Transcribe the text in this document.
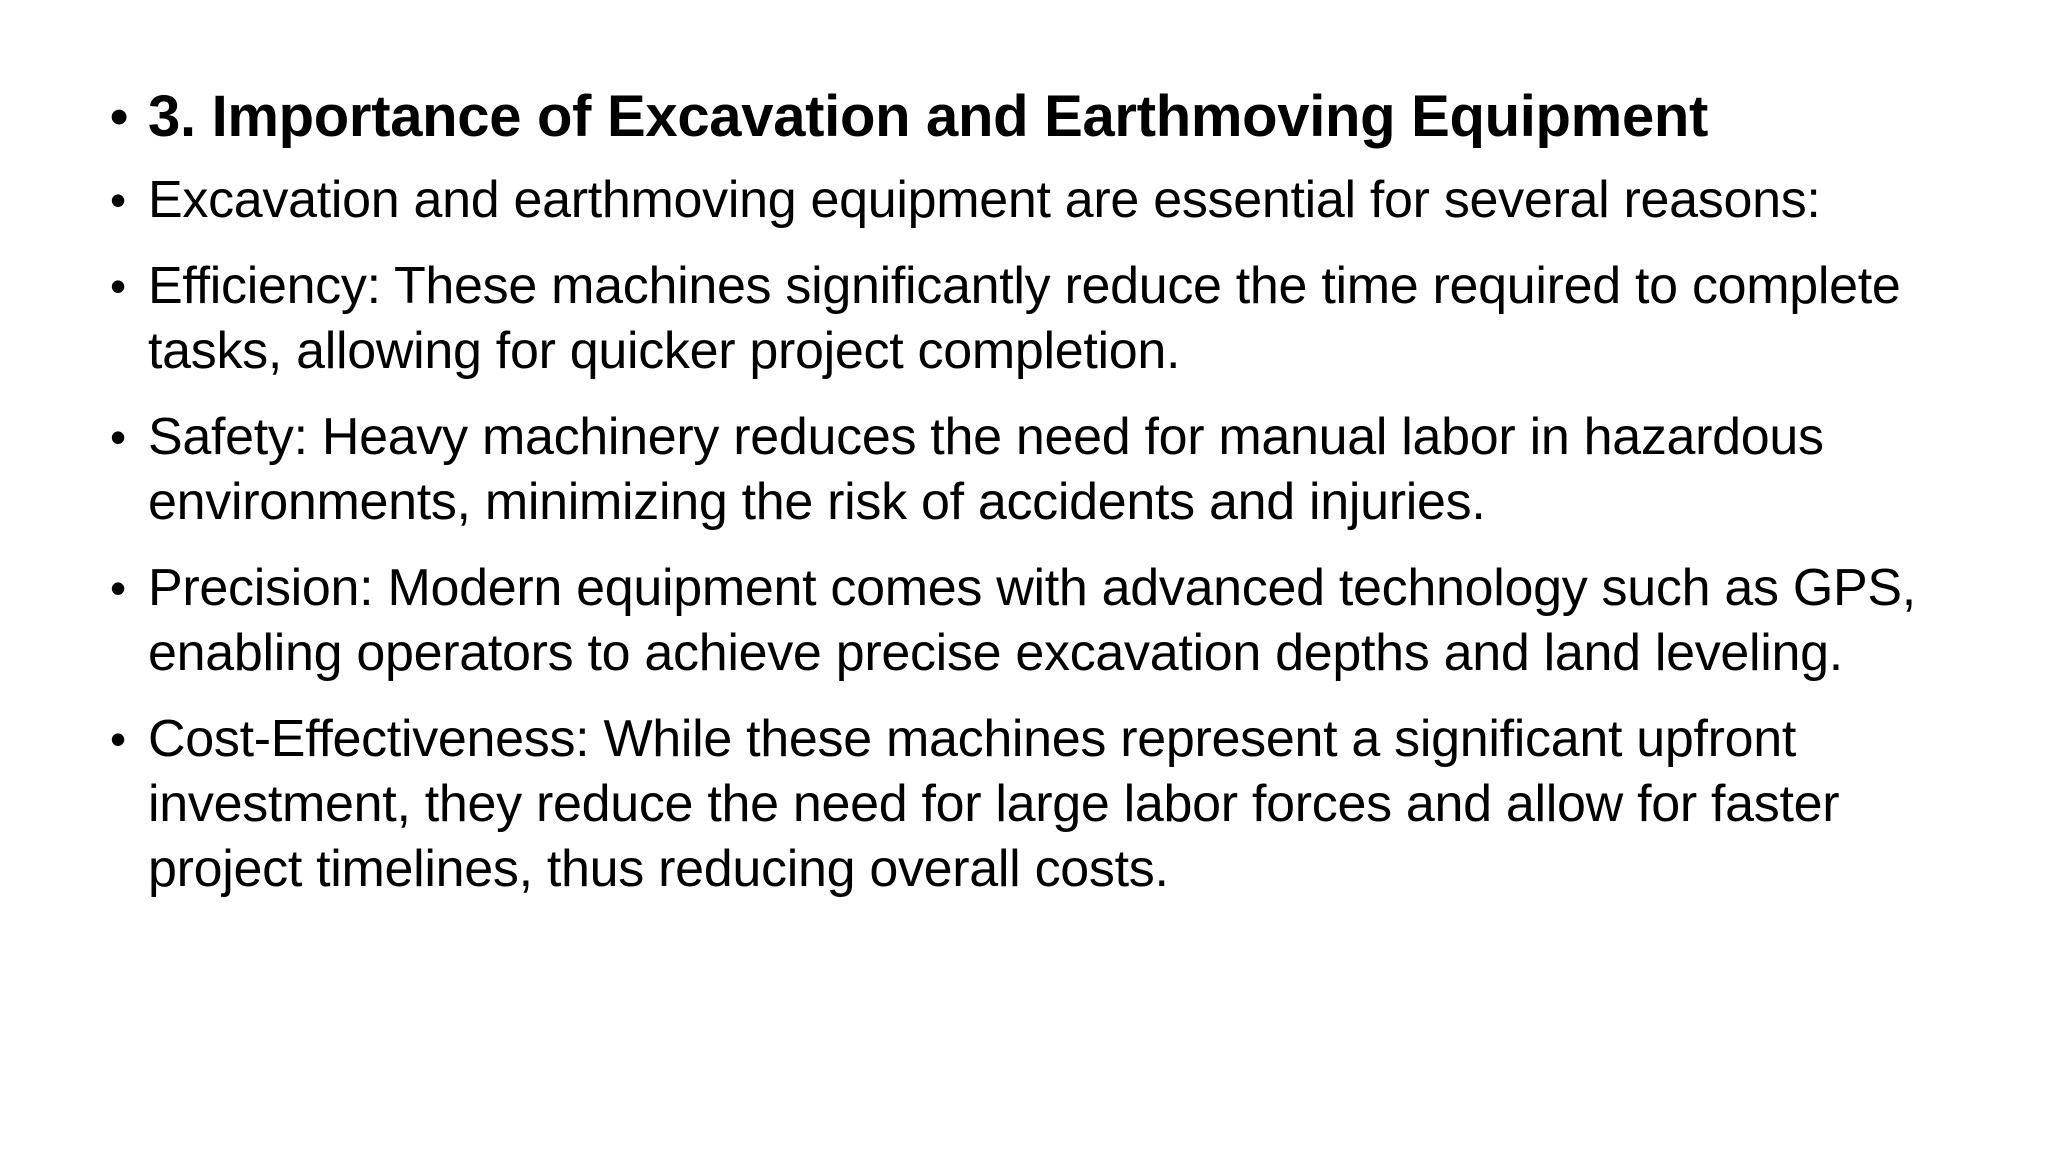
• 3. Importance of Excavation and Earthmoving Equipment
• Excavation and earthmoving equipment are essential for several reasons:
• Efficiency: These machines significantly reduce the time required to complete tasks, allowing for quicker project completion.
• Safety: Heavy machinery reduces the need for manual labor in hazardous environments, minimizing the risk of accidents and injuries.
• Precision: Modern equipment comes with advanced technology such as GPS, enabling operators to achieve precise excavation depths and land leveling.
• Cost-Effectiveness: While these machines represent a significant upfront investment, they reduce the need for large labor forces and allow for faster project timelines, thus reducing overall costs.
